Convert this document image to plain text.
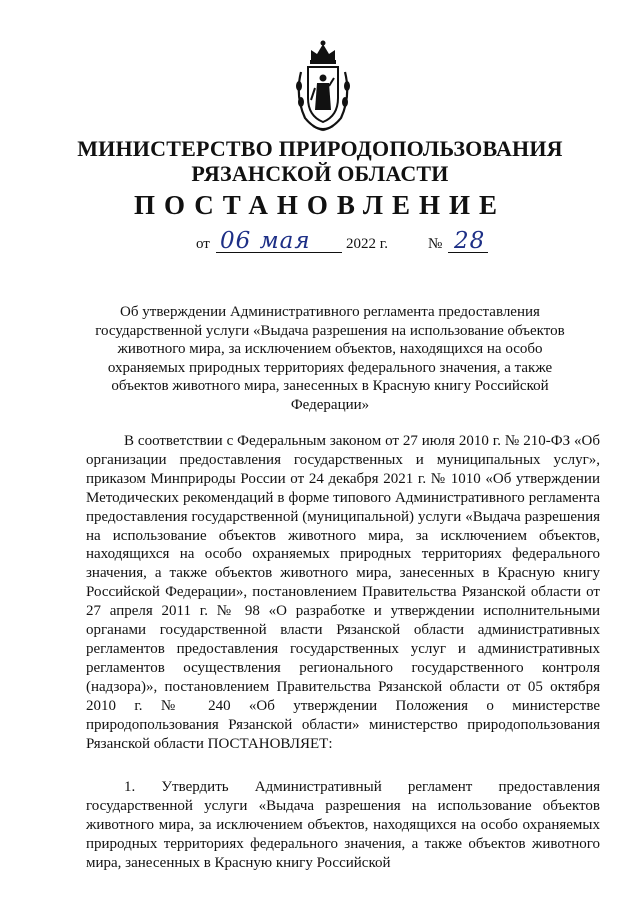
МИНИСТЕРСТВО ПРИРОДОПОЛЬЗОВАНИЯ
РЯЗАНСКОЙ ОБЛАСТИ
ПОСТАНОВЛЕНИЕ
от 06 мая 2022 г.	№ 28
Об утверждении Административного регламента предоставления государственной услуги «Выдача разрешения на использование объектов животного мира, за исключением объектов, находящихся на особо охраняемых природных территориях федерального значения, а также объектов животного мира, занесенных в Красную книгу Российской Федерации»

В соответствии с Федеральным законом от 27 июля 2010 г. № 210-ФЗ «Об организации предоставления государственных и муниципальных услуг», приказом Минприроды России от 24 декабря 2021 г. № 1010 «Об утверждении Методических рекомендаций в форме типового Административного регламента предоставления государственной (муниципальной) услуги «Выдача разрешения на использование объектов животного мира, за исключением объектов, находящихся на особо охраняемых природных территориях федерального значения, а также объектов животного мира, занесенных в Красную книгу Российской Федерации», постановлением Правительства Рязанской области от 27 апреля 2011 г. № 98 «О разработке и утверждении исполнительными органами государственной власти Рязанской области административных регламентов предоставления государственных услуг и административных регламентов осуществления регионального государственного контроля (надзора)», постановлением Правительства Рязанской области от 05 октября 2010 г. № 240 «Об утверждении Положения о министерстве природопользования Рязанской области» министерство природопользования Рязанской области ПОСТАНОВЛЯЕТ:

1. Утвердить Административный регламент предоставления государственной услуги «Выдача разрешения на использование объектов животного мира, за исключением объектов, находящихся на особо охраняемых природных территориях федерального значения, а также объектов животного мира, занесенных в Красную книгу Российской
